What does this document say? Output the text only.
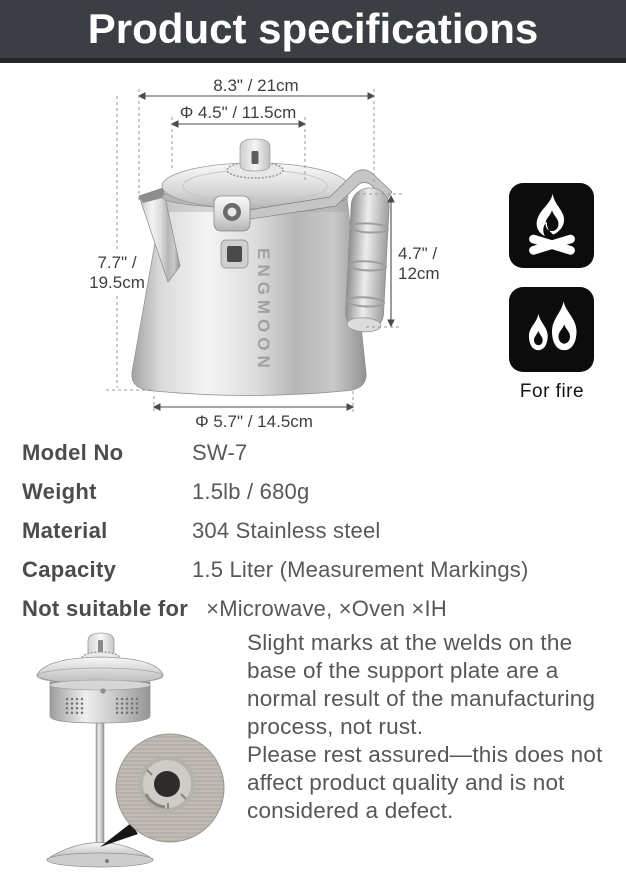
Product specifications
ENGMOON
8.3" / 21cm
Φ 4.5" / 11.5cm
7.7" /
19.5cm
4.7" /
12cm
Φ 5.7" / 14.5cm
For fire
Model No	SW-7
Weight	1.5lb / 680g
Material	304 Stainless steel
Capacity	1.5 Liter (Measurement Markings)
Not suitable for ×Microwave, ×Oven ×IH

Slight marks at the welds on the base of the support plate are a normal result of the manufacturing process, not rust.

Please rest assured—this does not affect product quality and is not considered a defect.
